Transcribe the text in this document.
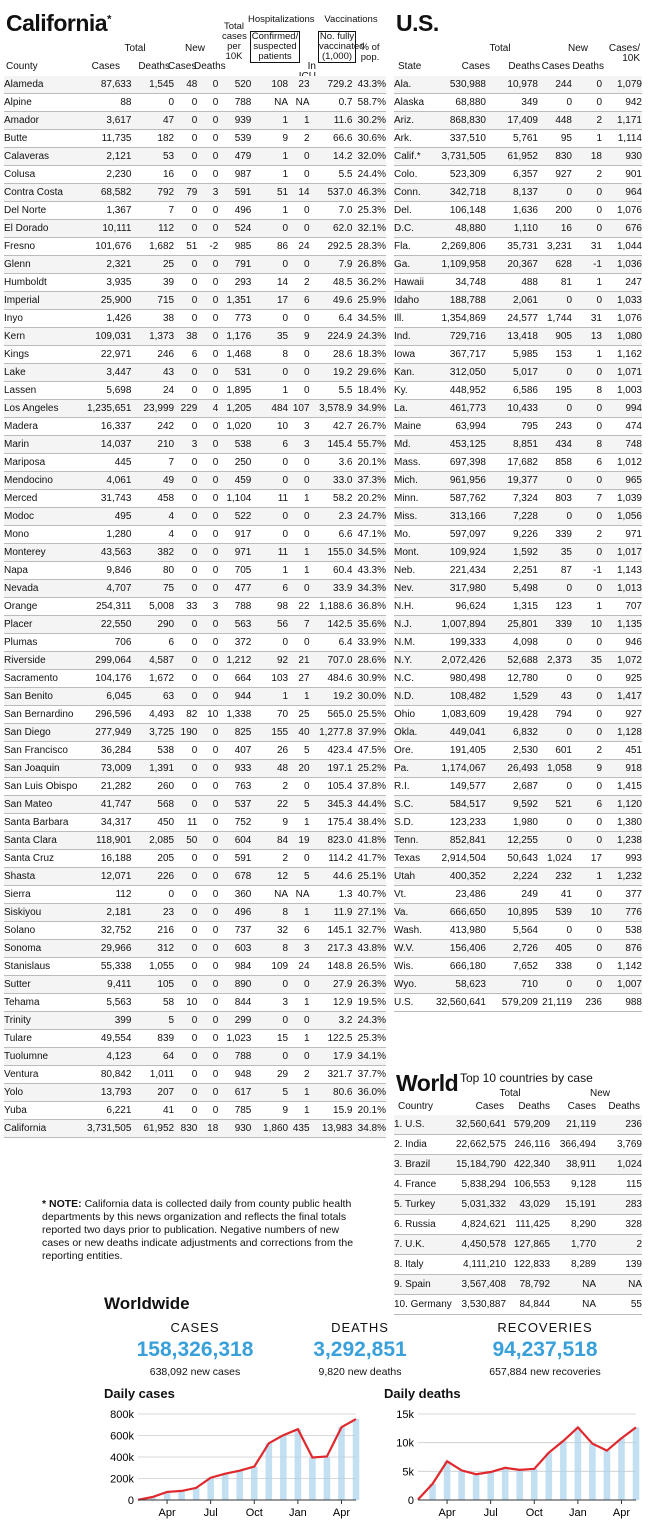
California*
County
Total
Cases	Deaths
New
Cases
Deaths
Total cases per 10K
Hospitalizations
Confirmed/ suspected patients
In
Vaccinations
No. fully vaccinated (1,000)
% of pop.
Alameda	87,633	1,545	48	0	520	108	23	729.2	43.3%
Alpine	88	0	0	0	788	NA	NA	0.7	58.7%
Amador	3,617	47	0	0	939	1	1	11.6	30.2%
Butte	11,735	182	0	0	539	9	2	66.6	30.6%
Calaveras	2,121	53	0	0	479	1	0	14.2	32.0%
Colusa	2,230	16	0	0	987	1	0	5.5	24.4%
Contra Costa	68,582	792	79	3	591	51	14	537.0	46.3%
Del Norte	1,367	7	0	0	496	1	0	7.0	25.3%
El Dorado	10,111	112	0	0	524	0	0	62.0	32.1%
Fresno	101,676	1,682	51	-2	985	86	24	292.5	28.3%
Glenn	2,321	25	0	0	791	0	0	7.9	26.8%
Humboldt	3,935	39	0	0	293	14	2	48.5	36.2%
Imperial	25,900	715	0	0	1,351	17	6	49.6	25.9%
Inyo	1,426	38	0	0	773	0	0	6.4	34.5%
Kern	109,031	1,373	38	0	1,176	35	9	224.9	24.3%
Kings	22,971	246	6	0	1,468	8	0	28.6	18.3%
Lake	3,447	43	0	0	531	0	0	19.2	29.6%
Lassen	5,698	24	0	0	1,895	1	0	5.5	18.4%
Los Angeles	1,235,651	23,999	229	4	1,205	484	107	3,578.9	34.9%
Madera	16,337	242	0	0	1,020	10	3	42.7	26.7%
Marin	14,037	210	3	0	538	6	3	145.4	55.7%
Mariposa	445	7	0	0	250	0	0	3.6	20.1%
Mendocino	4,061	49	0	0	459	0	0	33.0	37.3%
Merced	31,743	458	0	0	1,104	11	1	58.2	20.2%
Modoc	495	4	0	0	522	0	0	2.3	24.7%
Mono	1,280	4	0	0	917	0	0	6.6	47.1%
Monterey	43,563	382	0	0	971	11	1	155.0	34.5%
Napa	9,846	80	0	0	705	1	1	60.4	43.3%
Nevada	4,707	75	0	0	477	6	0	33.9	34.3%
Orange	254,311	5,008	33	3	788	98	22	1,188.6	36.8%
Placer	22,550	290	0	0	563	56	7	142.5	35.6%
Plumas	706	6	0	0	372	0	0	6.4	33.9%
Riverside	299,064	4,587	0	0	1,212	92	21	707.0	28.6%
Sacramento	104,176	1,672	0	0	664	103	27	484.6	30.9%
San Benito	6,045	63	0	0	944	1	1	19.2	30.0%
San Bernardino	296,596	4,493	82	10	1,338	70	25	565.0	25.5%
San Diego	277,949	3,725	190	0	825	155	40	1,277.8	37.9%
San Francisco	36,284	538	0	0	407	26	5	423.4	47.5%
San Joaquin	73,009	1,391	0	0	933	48	20	197.1	25.2%
San Luis Obispo	21,282	260	0	0	763	2	0	105.4	37.8%
San Mateo	41,747	568	0	0	537	22	5	345.3	44.4%
Santa Barbara	34,317	450	11	0	752	9	1	175.4	38.4%
Santa Clara	118,901	2,085	50	0	604	84	19	823.0	41.8%
Santa Cruz	16,188	205	0	0	591	2	0	114.2	41.7%
Shasta	12,071	226	0	0	678	12	5	44.6	25.1%
Sierra	112	0	0	0	360	NA	NA	1.3	40.7%
Siskiyou	2,181	23	0	0	496	8	1	11.9	27.1%
Solano	32,752	216	0	0	737	32	6	145.1	32.7%
Sonoma	29,966	312	0	0	603	8	3	217.3	43.8%
Stanislaus	55,338	1,055	0	0	984	109	24	148.8	26.5%
Sutter	9,411	105	0	0	890	0	0	27.9	26.3%
Tehama	5,563	58	10	0	844	3	1	12.9	19.5%
Trinity	399	5	0	0	299	0	0	3.2	24.3%
Tulare	49,554	839	0	0	1,023	15	1	122.5	25.3%
Tuolumne	4,123	64	0	0	788	0	0	17.9	34.1%
Ventura	80,842	1,011	0	0	948	29	2	321.7	37.7%
Yolo	13,793	207	0	0	617	5	1	80.6	36.0%
Yuba	6,221	41	0	0	785	9	1	15.9	20.1%
California	3,731,505	61,952	830	18	930	1,860	435	13,983	34.8%
* NOTE: California data is collected daily from county public health departments by this news organization and reflects the final totals reported two days prior to publication. Negative numbers of new cases or new deaths indicate adjustments and corrections from the reporting entities.
U.S.
State
Total
Cases	Deaths
New
Cases Deaths
Cases/ 10K
Ala.	530,988	10,978	244	0	1,079
Alaska	68,880	349	0	0	942
Ariz.	868,830	17,409	448	2	1,171
Ark.	337,510	5,761	95	1	1,114
Calif.*	3,731,505	61,952	830	18	930
Colo.	523,309	6,357	927	2	901
Conn.	342,718	8,137	0	0	964
Del.	106,148	1,636	200	0	1,076
D.C.	48,880	1,110	16	0	676
Fla.	2,269,806	35,731	3,231	31	1,044
Ga.	1,109,958	20,367	628	-1	1,036
Hawaii	34,748	488	81	1	247
Idaho	188,788	2,061	0	0	1,033
Ill.	1,354,869	24,577	1,744	31	1,076
Ind.	729,716	13,418	905	13	1,080
Iowa	367,717	5,985	153	1	1,162
Kan.	312,050	5,017	0	0	1,071
Ky.	448,952	6,586	195	8	1,003
La.	461,773	10,433	0	0	994
Maine	63,994	795	243	0	474
Md.	453,125	8,851	434	8	748
Mass.	697,398	17,682	858	6	1,012
Mich.	961,956	19,377	0	0	965
Minn.	587,762	7,324	803	7	1,039
Miss.	313,166	7,228	0	0	1,056
Mo.	597,097	9,226	339	2	971
Mont.	109,924	1,592	35	0	1,017
Neb.	221,434	2,251	87	-1	1,143
Nev.	317,980	5,498	0	0	1,013
N.H.	96,624	1,315	123	1	707
N.J.	1,007,894	25,801	339	10	1,135
N.M.	199,333	4,098	0	0	946
N.Y.	2,072,426	52,688	2,373	35	1,072
N.C.	980,498	12,780	0	0	925
N.D.	108,482	1,529	43	0	1,417
Ohio	1,083,609	19,428	794	0	927
Okla.	449,041	6,832	0	0	1,128
Ore.	191,405	2,530	601	2	451
Pa.	1,174,067	26,493	1,058	9	918
R.I.	149,577	2,687	0	0	1,415
S.C.	584,517	9,592	521	6	1,120
S.D.	123,233	1,980	0	0	1,380
Tenn.	852,841	12,255	0	0	1,238
Texas	2,914,504	50,643	1,024	17	993
Utah	400,352	2,224	232	1	1,232
Vt.	23,486	249	41	0	377
Va.	666,650	10,895	539	10	776
Wash.	413,980	5,564	0	0	538
W.V.	156,406	2,726	405	0	876
Wis.	666,180	7,652	338	0	1,142
Wyo.	58,623	710	0	0	1,007
U.S.	32,560,641	579,209	21,119	236	988
World Top 10 countries by case
Total	New
Country	Cases	Deaths	Cases	Deaths
1. U.S.	32,560,641	579,209	21,119	236
2. India	22,662,575	246,116	366,494	3,769
3. Brazil	15,184,790	422,340	38,911	1,024
4. France	5,838,294	106,553	9,128	115
5. Turkey	5,031,332	43,029	15,191	283
6. Russia	4,824,621	111,425	8,290	328
7. U.K.	4,450,578	127,865	1,770	2
8. Italy	4,111,210	122,833	8,289	139
9. Spain	3,567,408	78,792	NA	NA
10. Germany	3,530,887	84,844	NA	55
Worldwide
CASES
158,326,318
638,092 new cases
DEATHS
3,292,851
9,820 new deaths
RECOVERIES
94,237,518
657,884 new recoveries
Daily cases	Daily deaths
800k
600k
400k
200k
0
Apr	Jul	Oct Jan Apr
15k
10k
5k
0
Apr	Jul	Oct Jan Apr
